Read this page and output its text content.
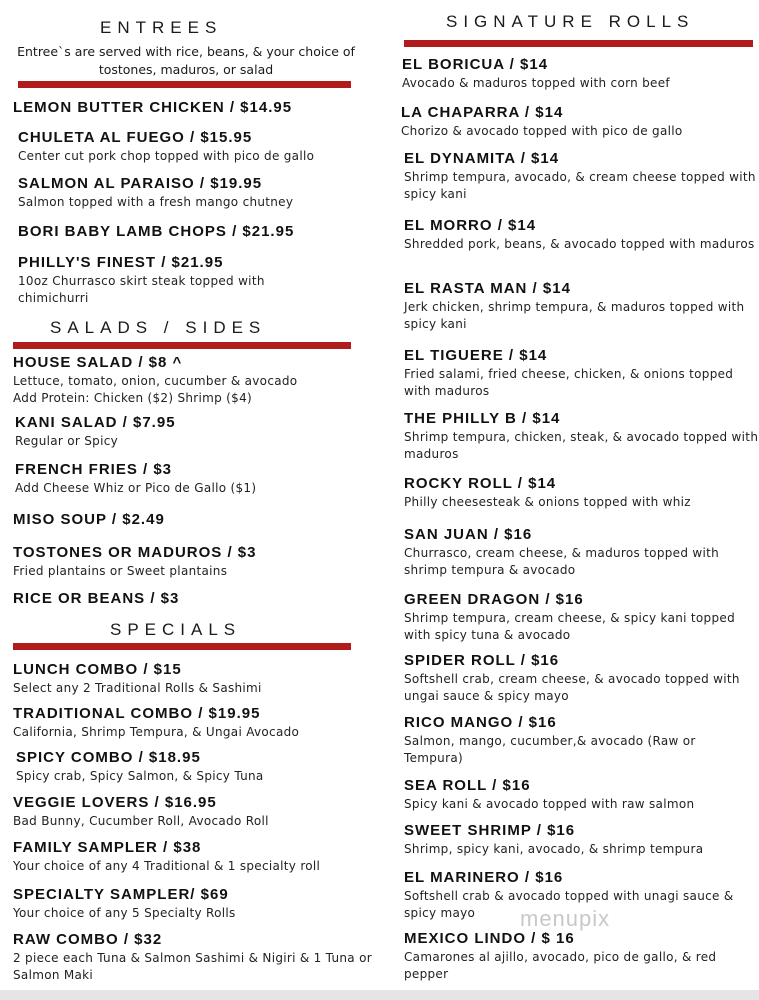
ENTREES
Entree`s are served with rice, beans, & your choice of tostones, maduros, or salad
LEMON BUTTER CHICKEN / $14.95
CHULETA AL FUEGO / $15.95
Center cut pork chop topped with pico de gallo
SALMON AL PARAISO / $19.95
Salmon topped with a fresh mango chutney
BORI BABY LAMB CHOPS / $21.95
PHILLY'S FINEST / $21.95
10oz Churrasco skirt steak topped with chimichurri
SALADS / SIDES
HOUSE SALAD / $8 ^
Lettuce, tomato, onion, cucumber & avocado
Add Protein: Chicken ($2) Shrimp ($4)
KANI SALAD / $7.95
Regular or Spicy
FRENCH FRIES / $3
Add Cheese Whiz or Pico de Gallo ($1)
MISO SOUP / $2.49
TOSTONES OR MADUROS / $3
Fried plantains or Sweet plantains
RICE OR BEANS / $3
SPECIALS
LUNCH COMBO / $15
Select any 2 Traditional Rolls & Sashimi
TRADITIONAL COMBO / $19.95
California, Shrimp Tempura, & Ungai Avocado
SPICY COMBO / $18.95
Spicy crab, Spicy Salmon, & Spicy Tuna
VEGGIE LOVERS / $16.95
Bad Bunny, Cucumber Roll, Avocado Roll
FAMILY SAMPLER / $38
Your choice of any 4 Traditional & 1 specialty roll
SPECIALTY SAMPLER/ $69
Your choice of any 5 Specialty Rolls
RAW COMBO / $32
2 piece each Tuna & Salmon Sashimi & Nigiri & 1 Tuna or Salmon Maki
SIGNATURE ROLLS
EL BORICUA / $14
Avocado & maduros topped with corn beef
LA CHAPARRA / $14
Chorizo & avocado topped with pico de gallo
EL DYNAMITA / $14
Shrimp tempura, avocado, & cream cheese topped with spicy kani
EL MORRO / $14
Shredded pork, beans, & avocado topped with maduros
EL RASTA MAN / $14
Jerk chicken, shrimp tempura, & maduros topped with spicy kani
EL TIGUERE / $14
Fried salami, fried cheese, chicken, & onions topped with maduros
THE PHILLY B / $14
Shrimp tempura, chicken, steak, & avocado topped with maduros
ROCKY ROLL / $14
Philly cheesesteak & onions topped with whiz
SAN JUAN / $16
Churrasco, cream cheese, & maduros topped with shrimp tempura & avocado
GREEN DRAGON / $16
Shrimp tempura, cream cheese, & spicy kani topped with spicy tuna & avocado
SPIDER ROLL / $16
Softshell crab, cream cheese, & avocado topped with ungai sauce & spicy mayo
RICO MANGO / $16
Salmon, mango, cucumber,& avocado (Raw or Tempura)
SEA ROLL / $16
Spicy kani & avocado topped with raw salmon
SWEET SHRIMP / $16
Shrimp, spicy kani, avocado, & shrimp tempura
EL MARINERO / $16
Softshell crab & avocado topped with unagi sauce & spicy mayo
MEXICO LINDO / $ 16
Camarones al ajillo, avocado, pico de gallo, & red pepper
menupix
